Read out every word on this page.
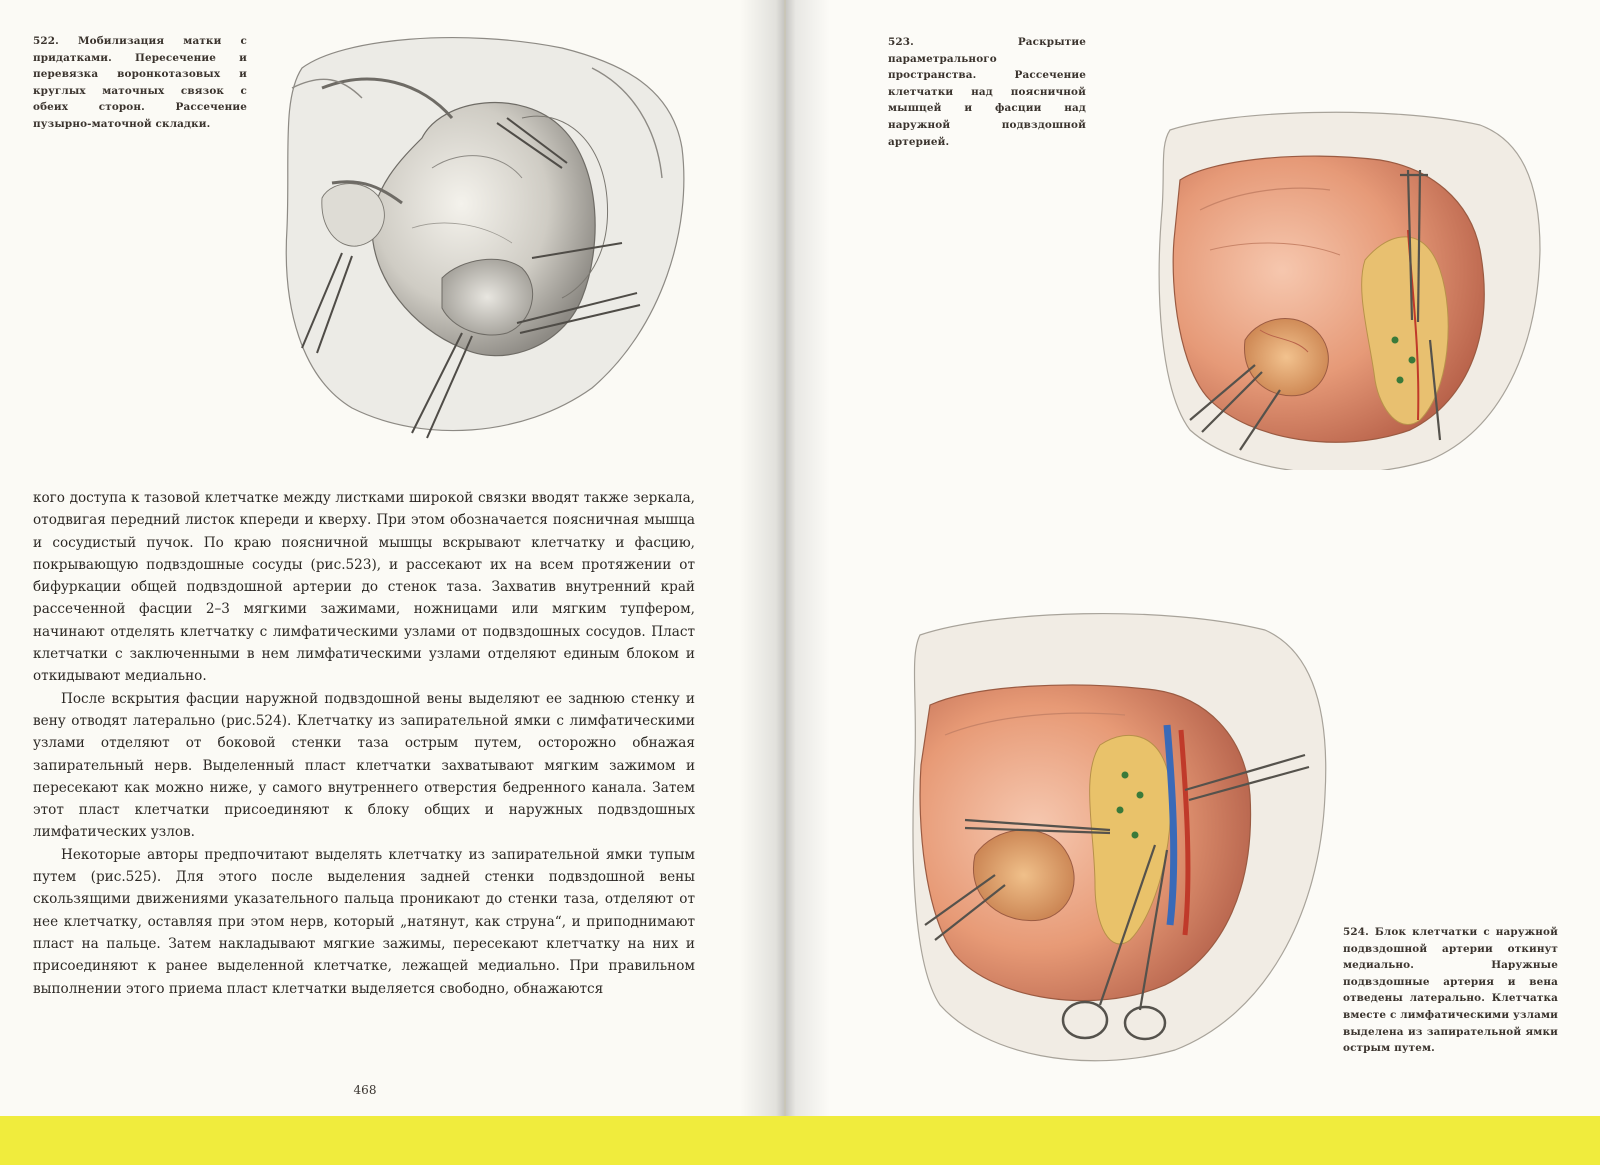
522. Мобилизация матки с придатками. Пересечение и перевязка воронкотазовых и круглых маточных связок с обеих сторон. Рассечение пузырно-маточной складки.

кого доступа к тазовой клетчатке между листками широкой связки вводят также зеркала, отодвигая передний листок кпереди и кверху. При этом обозначается поясничная мышца и сосудистый пучок. По краю поясничной мышцы вскрывают клетчатку и фасцию, покрывающую подвздошные сосуды (рис.523), и рассекают их на всем протяжении от бифуркации общей подвздошной артерии до стенок таза. Захватив внутренний край рассеченной фасции 2–3 мягкими зажимами, ножницами или мягким тупфером, начинают отделять клетчатку с лимфатическими узлами от подвздошных сосудов. Пласт клетчатки с заключенными в нем лимфатическими узлами отделяют единым блоком и откидывают медиально.

После вскрытия фасции наружной подвздошной вены выделяют ее заднюю стенку и вену отводят латерально (рис.524). Клетчатку из запирательной ямки с лимфатическими узлами отделяют от боковой стенки таза острым путем, осторожно обнажая запирательный нерв. Выделенный пласт клетчатки захватывают мягким зажимом и пересекают как можно ниже, у самого внутреннего отверстия бедренного канала. Затем этот пласт клетчатки присоединяют к блоку общих и наружных подвздошных лимфатических узлов.

Некоторые авторы предпочитают выделять клетчатку из запирательной ямки тупым путем (рис.525). Для этого после выделения задней стенки подвздошной вены скользящими движениями указательного пальца проникают до стенки таза, отделяют от нее клетчатку, оставляя при этом нерв, который „натянут, как струна“, и приподнимают пласт на пальце. Затем накладывают мягкие зажимы, пересекают клетчатку на них и присоединяют к ранее выделенной клетчатке, лежащей медиально. При правильном выполнении этого приема пласт клетчатки выделяется свободно, обнажаются

468
523. Раскрытие параметрального пространства. Рассечение клетчатки над поясничной мышцей и фасции над наружной подвздошной артерией.
524. Блок клетчатки с наружной подвздошной артерии откинут медиально. Наружные подвздошные артерия и вена отведены латерально. Клетчатка вместе с лимфатическими узлами выделена из запирательной ямки острым путем.
